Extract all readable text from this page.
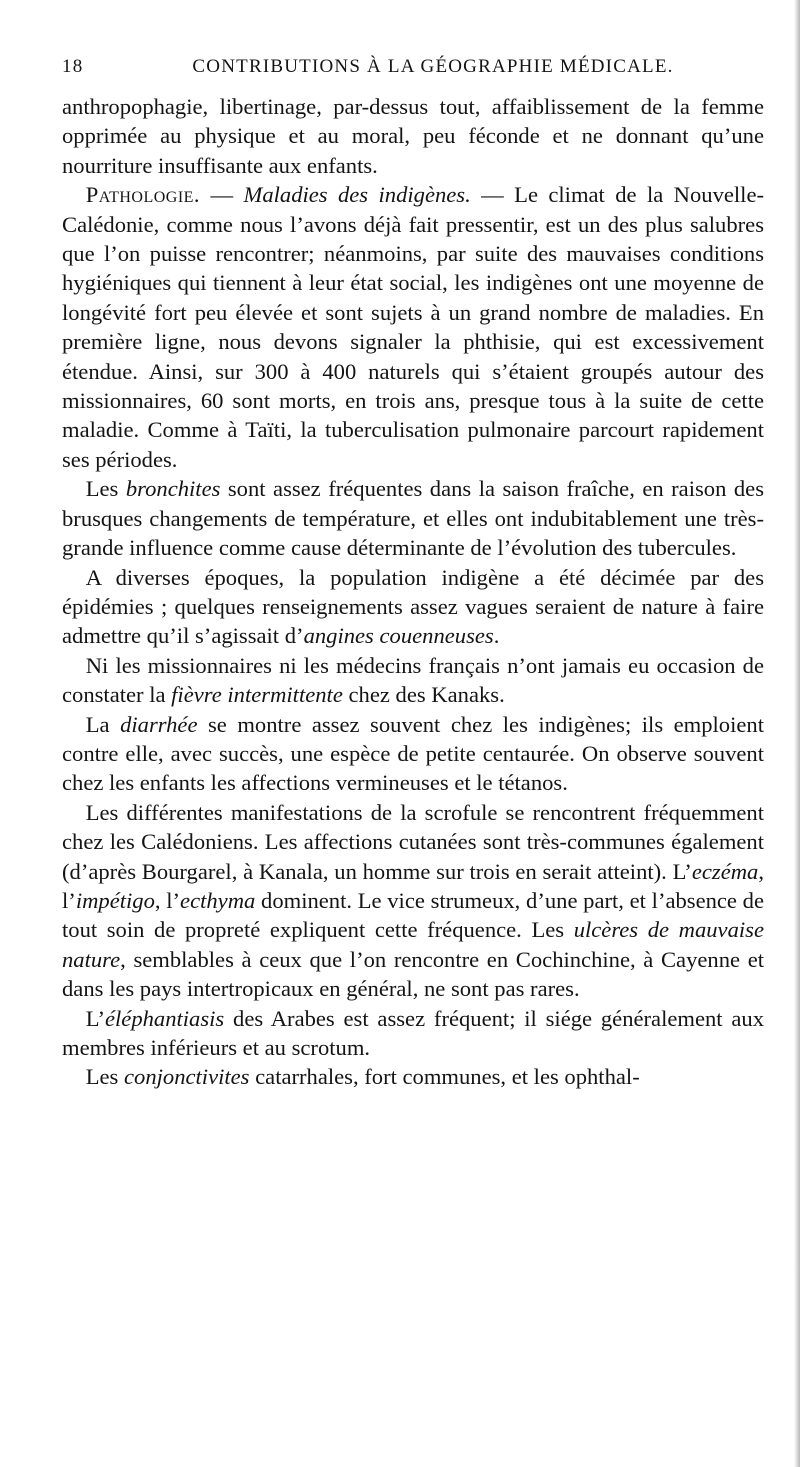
18	CONTRIBUTIONS À LA GÉOGRAPHIE MÉDICALE.

anthropophagie, libertinage, par-dessus tout, affaiblissement de la femme opprimée au physique et au moral, peu féconde et ne donnant qu’une nourriture insuffisante aux enfants.

Pathologie. — Maladies des indigènes. — Le climat de la Nouvelle-Calédonie, comme nous l’avons déjà fait pressentir, est un des plus salubres que l’on puisse rencontrer; néanmoins, par suite des mauvaises conditions hygiéniques qui tiennent à leur état social, les indigènes ont une moyenne de longévité fort peu élevée et sont sujets à un grand nombre de maladies. En première ligne, nous devons signaler la phthisie, qui est excessivement étendue. Ainsi, sur 300 à 400 naturels qui s’étaient groupés autour des missionnaires, 60 sont morts, en trois ans, presque tous à la suite de cette maladie. Comme à Taïti, la tuberculisation pulmonaire parcourt rapidement ses périodes.

Les bronchites sont assez fréquentes dans la saison fraîche, en raison des brusques changements de température, et elles ont indubitablement une très-grande influence comme cause déterminante de l’évolution des tubercules.

A diverses époques, la population indigène a été décimée par des épidémies ; quelques renseignements assez vagues seraient de nature à faire admettre qu’il s’agissait d’angines couenneuses.

Ni les missionnaires ni les médecins français n’ont jamais eu occasion de constater la fièvre intermittente chez des Kanaks.

La diarrhée se montre assez souvent chez les indigènes; ils emploient contre elle, avec succès, une espèce de petite centaurée. On observe souvent chez les enfants les affections vermineuses et le tétanos.

Les différentes manifestations de la scrofule se rencontrent fréquemment chez les Calédoniens. Les affections cutanées sont très-communes également (d’après Bourgarel, à Kanala, un homme sur trois en serait atteint). L’eczéma, l’impétigo, l’ecthyma dominent. Le vice strumeux, d’une part, et l’absence de tout soin de propreté expliquent cette fréquence. Les ulcères de mauvaise nature, semblables à ceux que l’on rencontre en Cochinchine, à Cayenne et dans les pays intertropicaux en général, ne sont pas rares.

L’éléphantiasis des Arabes est assez fréquent; il siége généralement aux membres inférieurs et au scrotum.

Les conjonctivites catarrhales, fort communes, et les ophthal-
